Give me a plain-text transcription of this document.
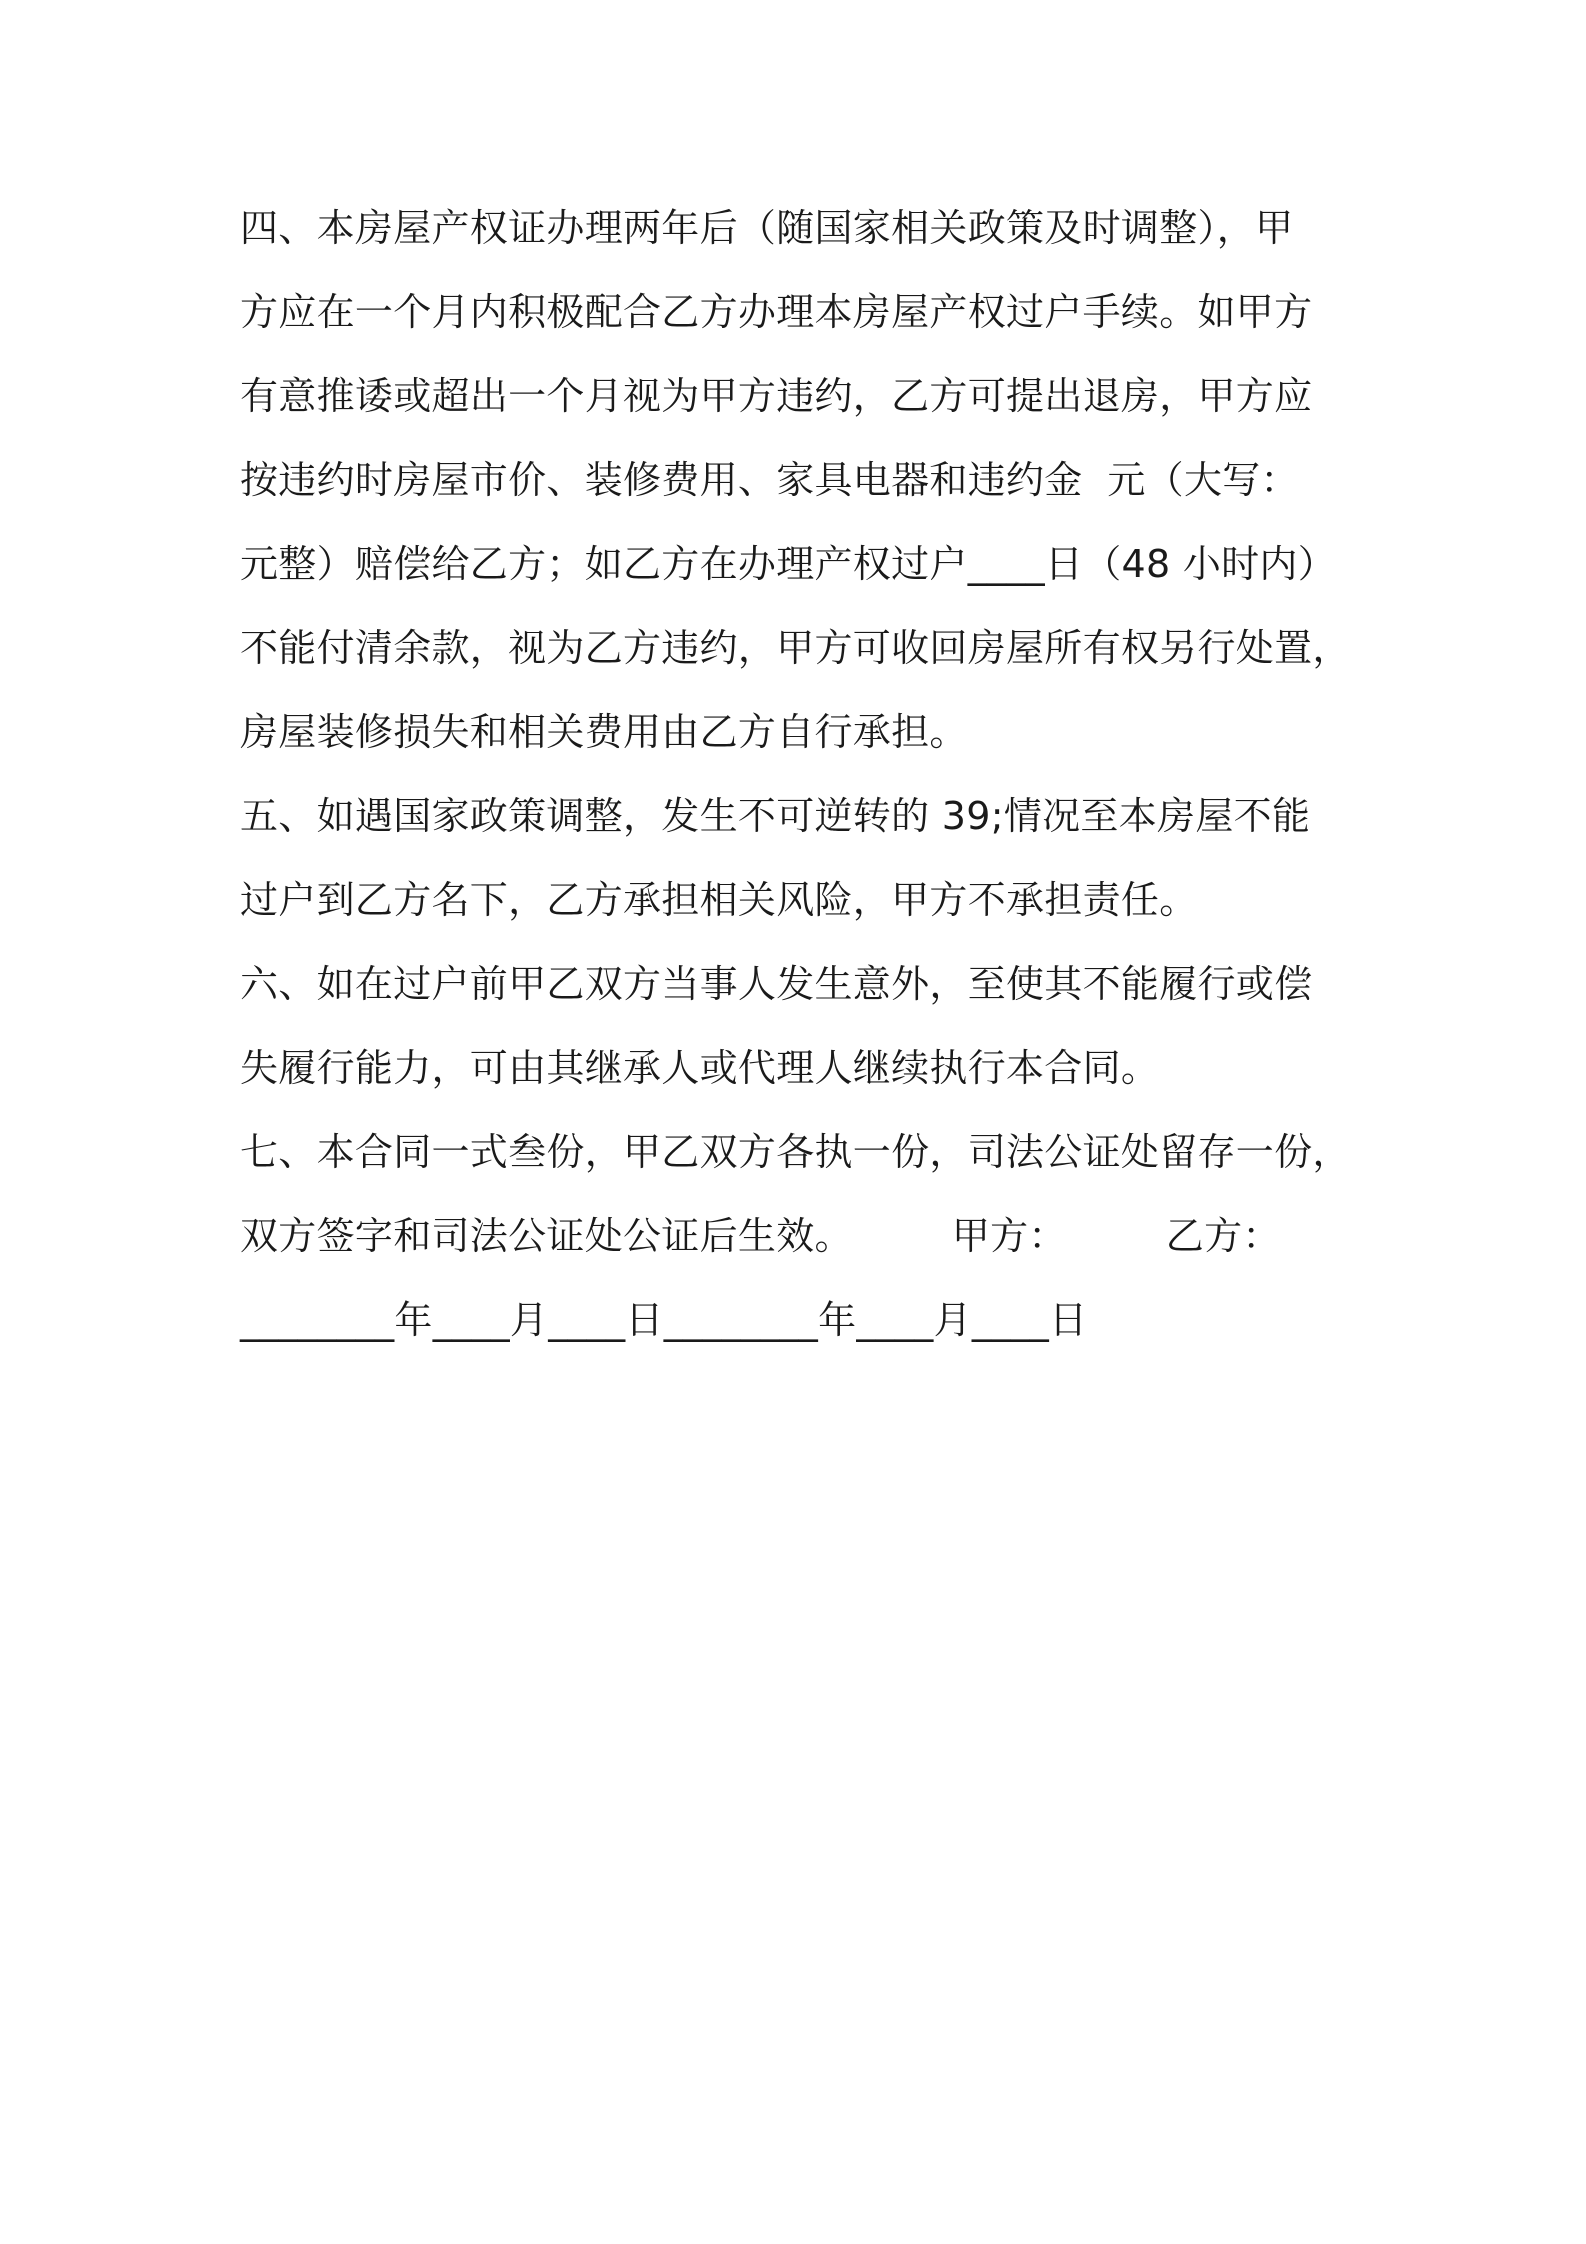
四、本房屋产权证办理两年后（随国家相关政策及时调整），甲
方应在一个月内积极配合乙方办理本房屋产权过户手续。如甲方
有意推诿或超出一个月视为甲方违约，乙方可提出退房，甲方应
按违约时房屋市价、装修费用、家具电器和违约金  元（大写：
元整）赔偿给乙方；如乙方在办理产权过户____日（48 小时内）
不能付清余款，视为乙方违约，甲方可收回房屋所有权另行处置，
房屋装修损失和相关费用由乙方自行承担。
五、如遇国家政策调整，发生不可逆转的 39;情况至本房屋不能
过户到乙方名下，乙方承担相关风险，甲方不承担责任。
六、如在过户前甲乙双方当事人发生意外，至使其不能履行或偿
失履行能力，可由其继承人或代理人继续执行本合同。
七、本合同一式叁份，甲乙双方各执一份，司法公证处留存一份，
双方签字和司法公证处公证后生效。        甲方：        乙方：
________年____月____日________年____月____日
